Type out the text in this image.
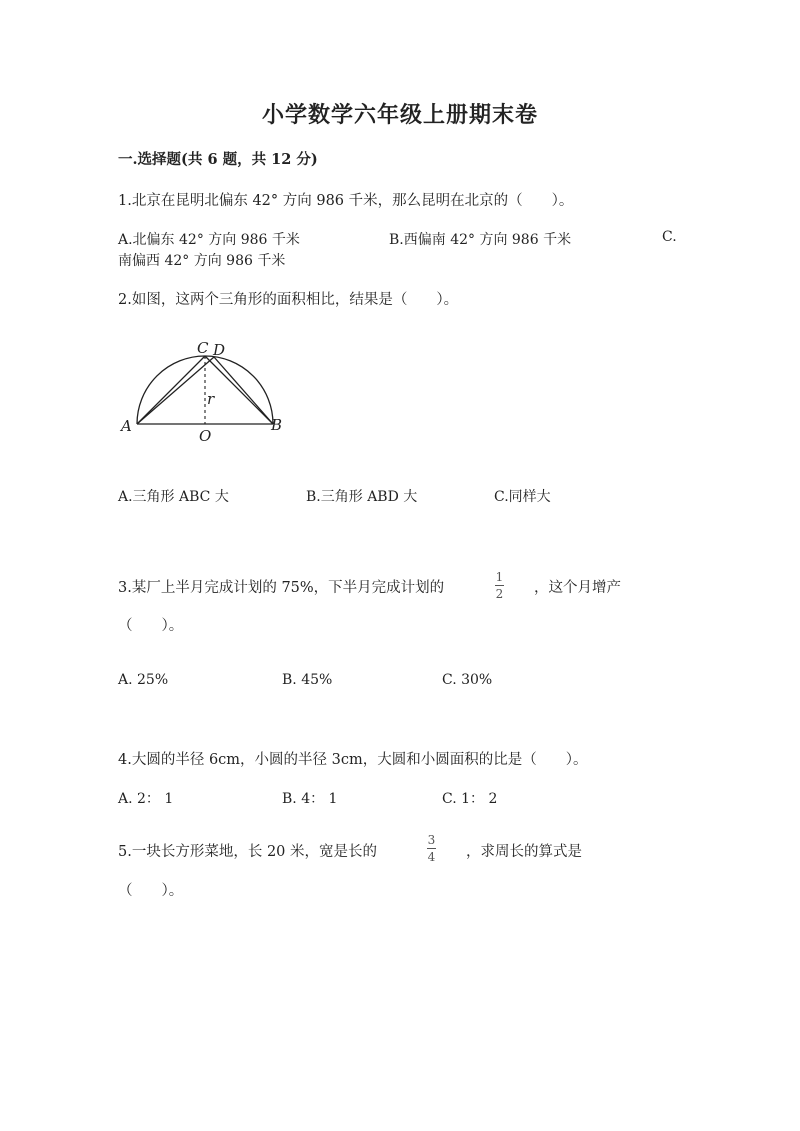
小学数学六年级上册期末卷
一.选择题(共 6 题，共 12 分)
1.北京在昆明北偏东 42° 方向 986 千米，那么昆明在北京的（　　）。
A.北偏东 42° 方向 986 千米	B.西偏南 42° 方向 986 千米	C.
南偏西 42° 方向 986 千米
2.如图，这两个三角形的面积相比，结果是（　　）。
C D
A
O
B
r
A.三角形 ABC 大	B.三角形 ABD 大	C.同样大
3.某厂上半月完成计划的 75%，下半月完成计划的
1
2 ，这个月增产
（　　）。
A. 25%	B. 45%	C. 30%
4.大圆的半径 6cm，小圆的半径 3cm，大圆和小圆面积的比是（　　）。
A. 2： 1	B. 4： 1	C. 1： 2
5.一块长方形菜地，长 20 米，宽是长的
3
4 ，求周长的算式是
（　　）。
